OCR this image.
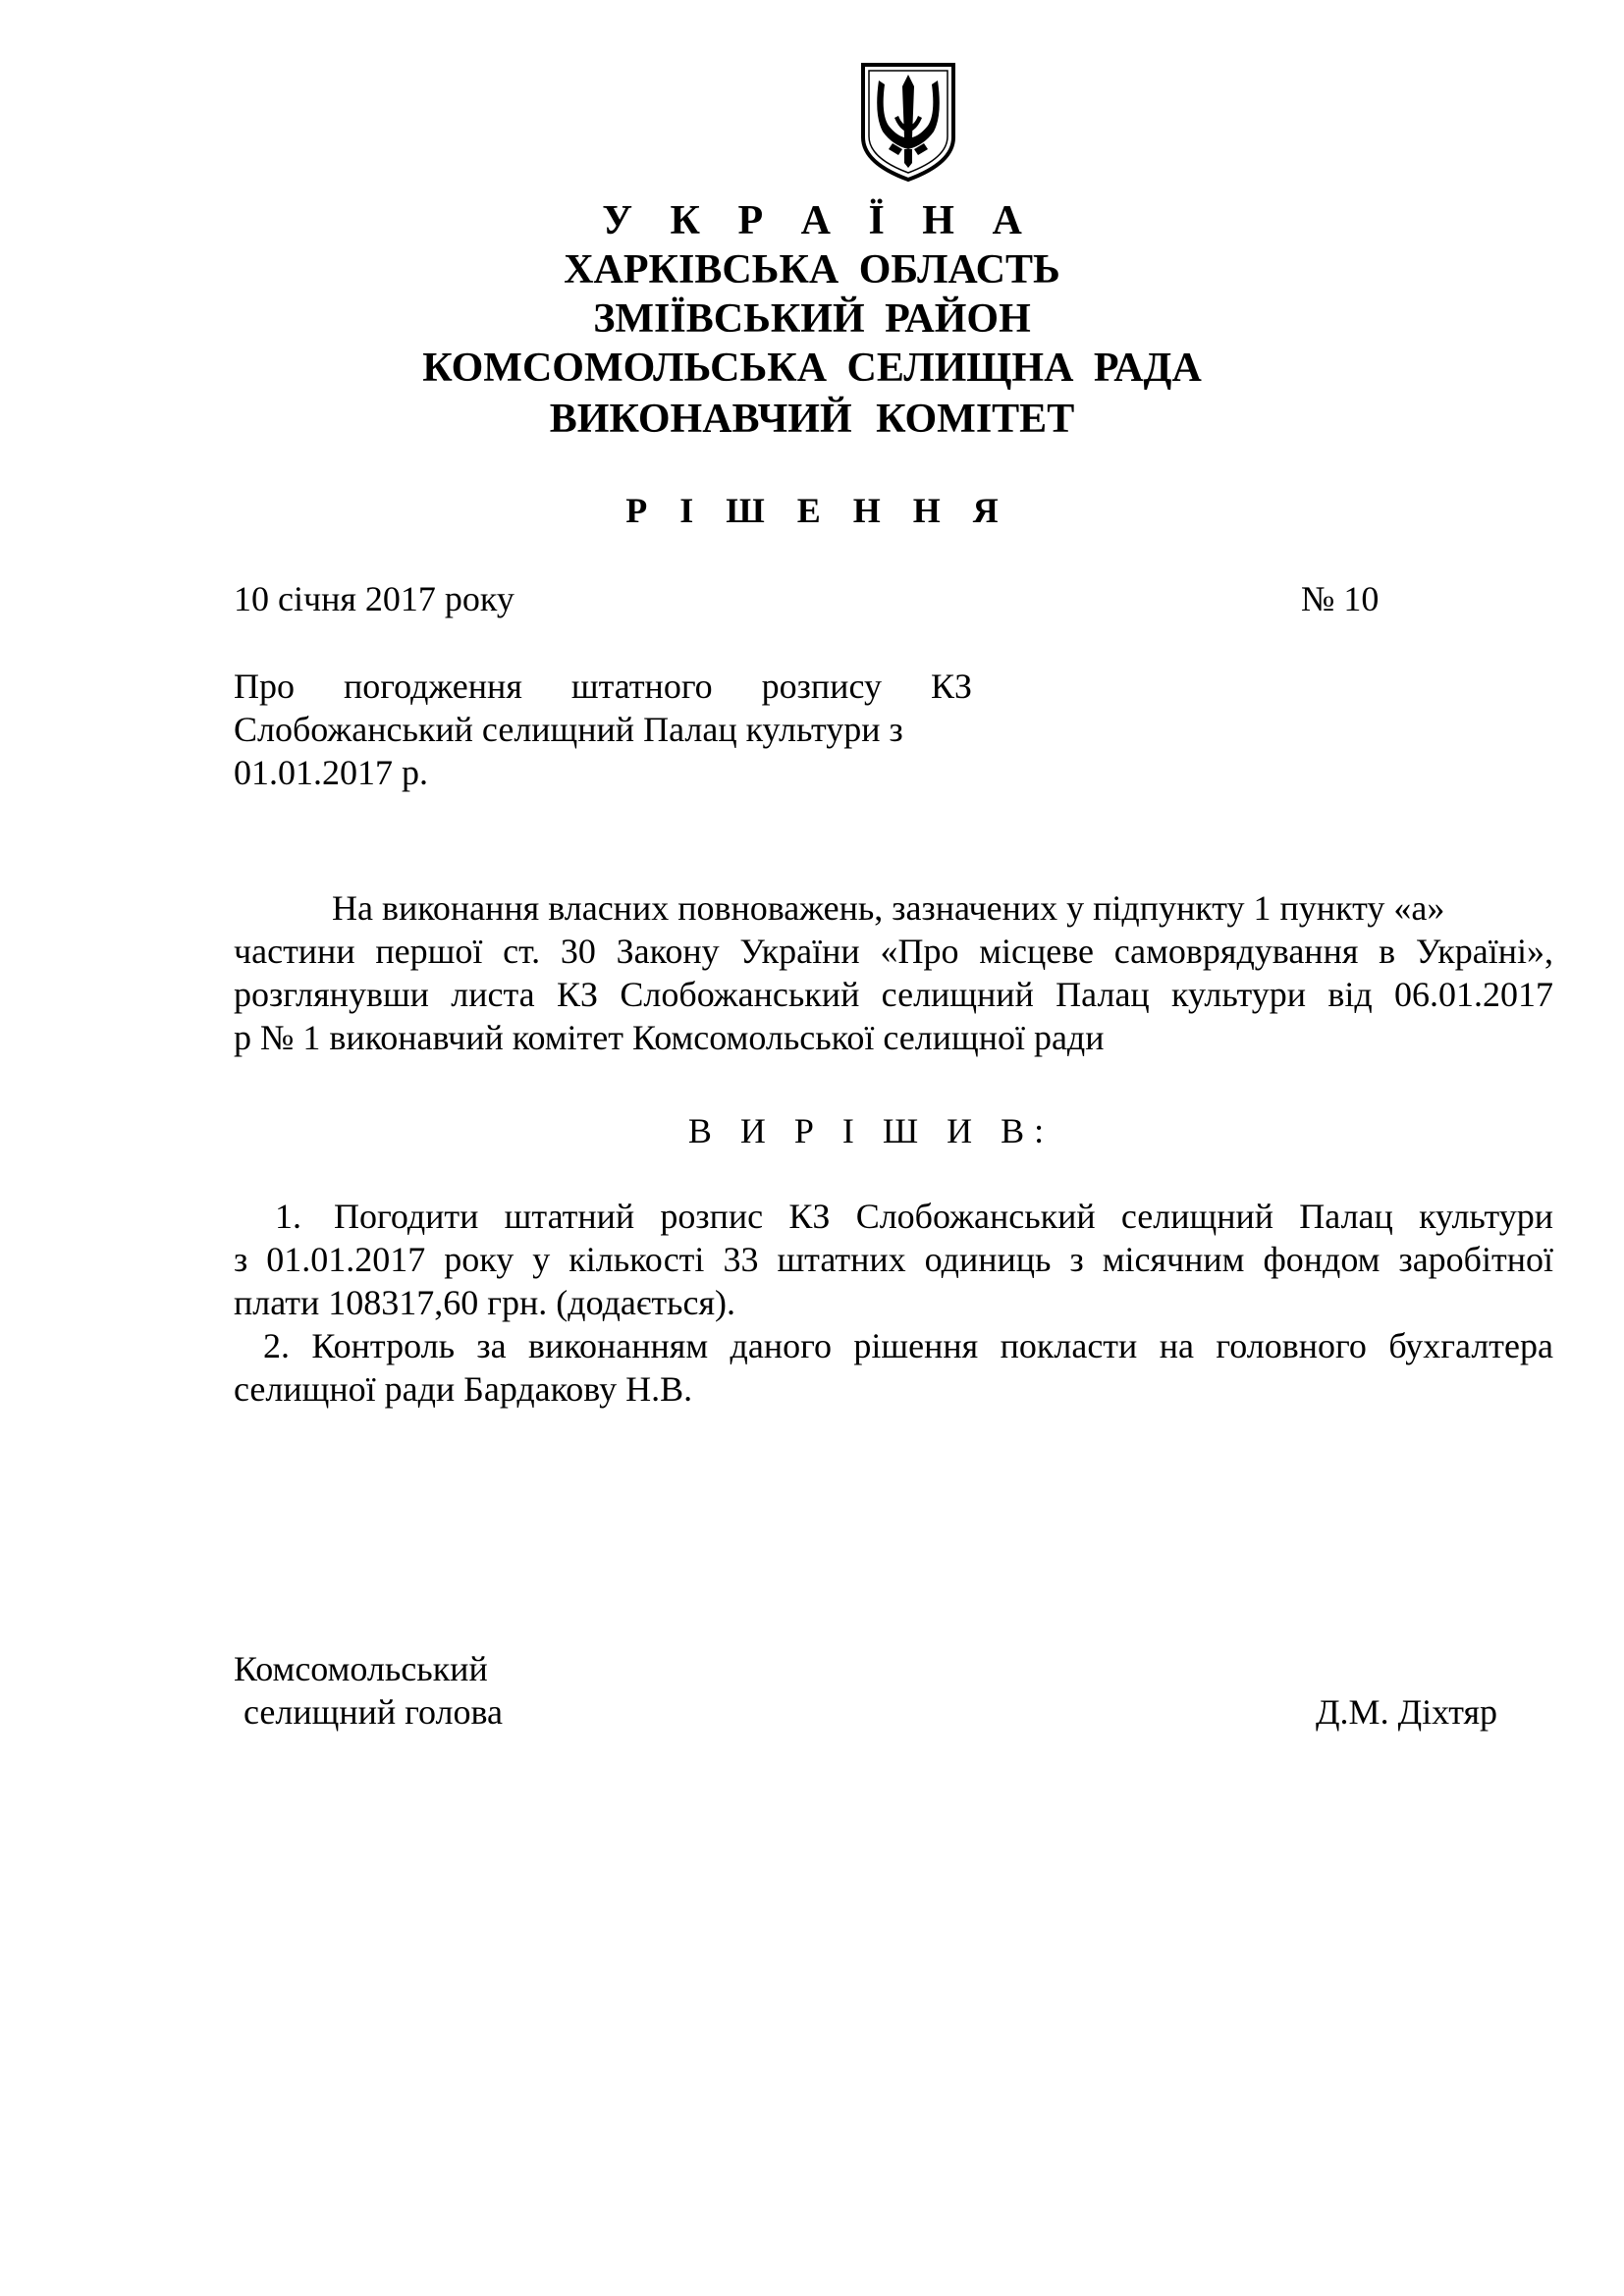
У К Р А Ї Н А
ХАРКІВСЬКА ОБЛАСТЬ
ЗМІЇВСЬКИЙ РАЙОН
КОМСОМОЛЬСЬКА СЕЛИЩНА РАДА
ВИКОНАВЧИЙ КОМІТЕТ
Р І Ш Е Н Н Я
10 січня 2017 року	№ 10
Про погодження штатного розпису КЗ
Слобожанський селищний Палац культури з
01.01.2017 р.
На виконання власних повноважень, зазначених у підпункту 1 пункту «а»
частини першої ст. 30 Закону України «Про місцеве самоврядування в Україні»,
розглянувши листа КЗ Слобожанський селищний Палац культури від 06.01.2017
р № 1 виконавчий комітет Комсомольської селищної ради
В И Р І Ш И В:
1. Погодити штатний розпис КЗ Слобожанський селищний Палац культури
з 01.01.2017 року у кількості 33 штатних одиниць з місячним фондом заробітної
плати 108317,60 грн. (додається).
2. Контроль за виконанням даного рішення покласти на головного бухгалтера
селищної ради Бардакову Н.В.
Комсомольський
селищний голова	Д.М. Діхтяр
